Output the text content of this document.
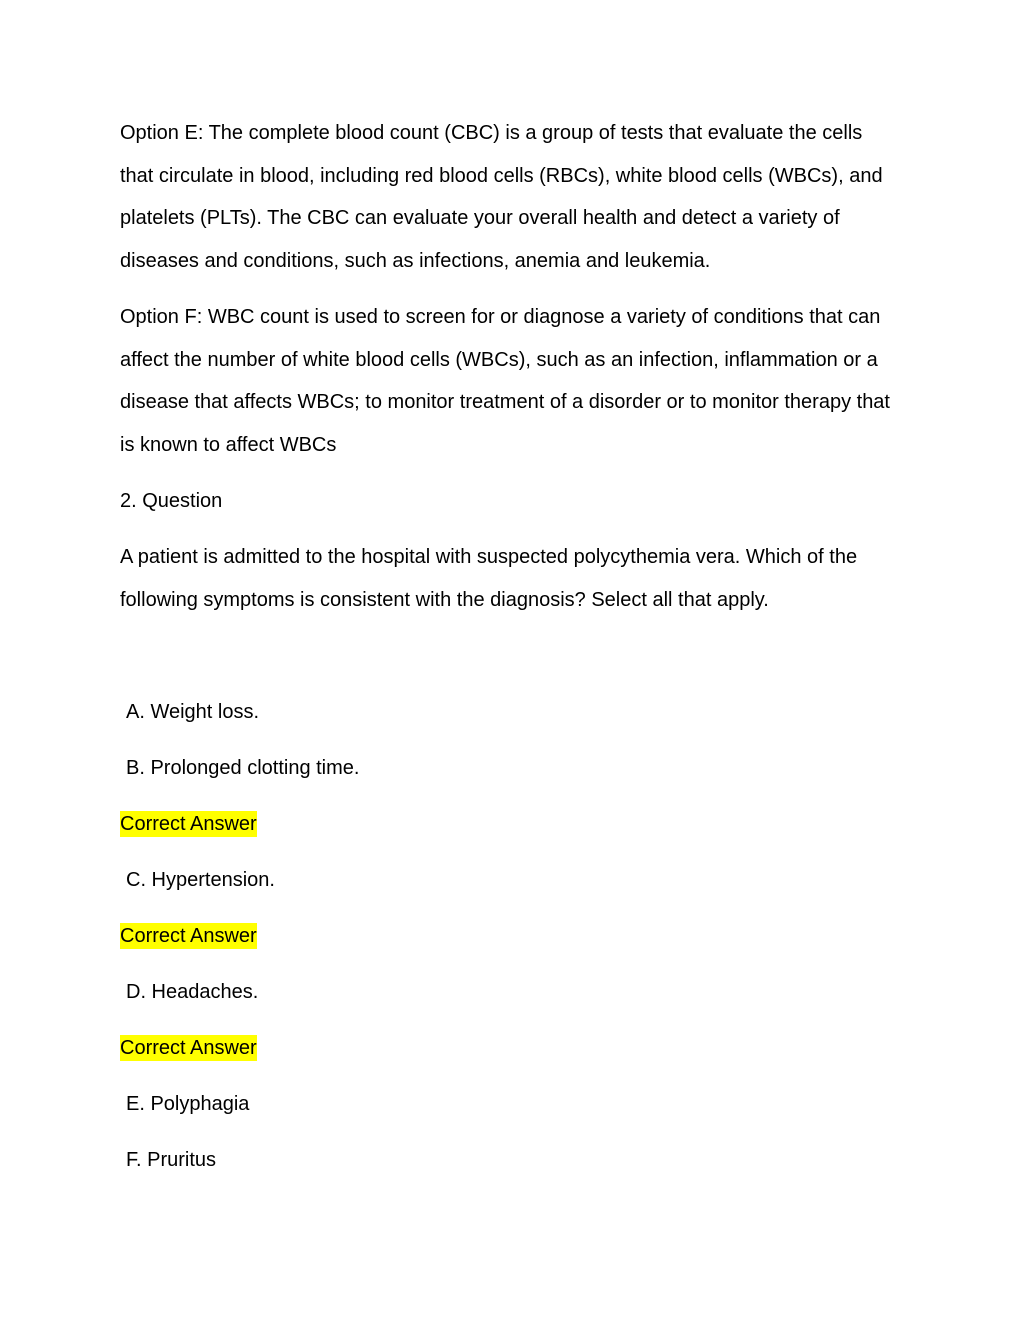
Option E: The complete blood count (CBC) is a group of tests that evaluate the cells that circulate in blood, including red blood cells (RBCs), white blood cells (WBCs), and platelets (PLTs). The CBC can evaluate your overall health and detect a variety of diseases and conditions, such as infections, anemia and leukemia.

Option F: WBC count is used to screen for or diagnose a variety of conditions that can affect the number of white blood cells (WBCs), such as an infection, inflammation or a disease that affects WBCs; to monitor treatment of a disorder or to monitor therapy that is known to affect WBCs

2. Question

A patient is admitted to the hospital with suspected polycythemia vera. Which of the following symptoms is consistent with the diagnosis? Select all that apply.

A. Weight loss.

B. Prolonged clotting time.

Correct Answer

C. Hypertension.

Correct Answer

D. Headaches.

Correct Answer

E. Polyphagia

F. Pruritus
